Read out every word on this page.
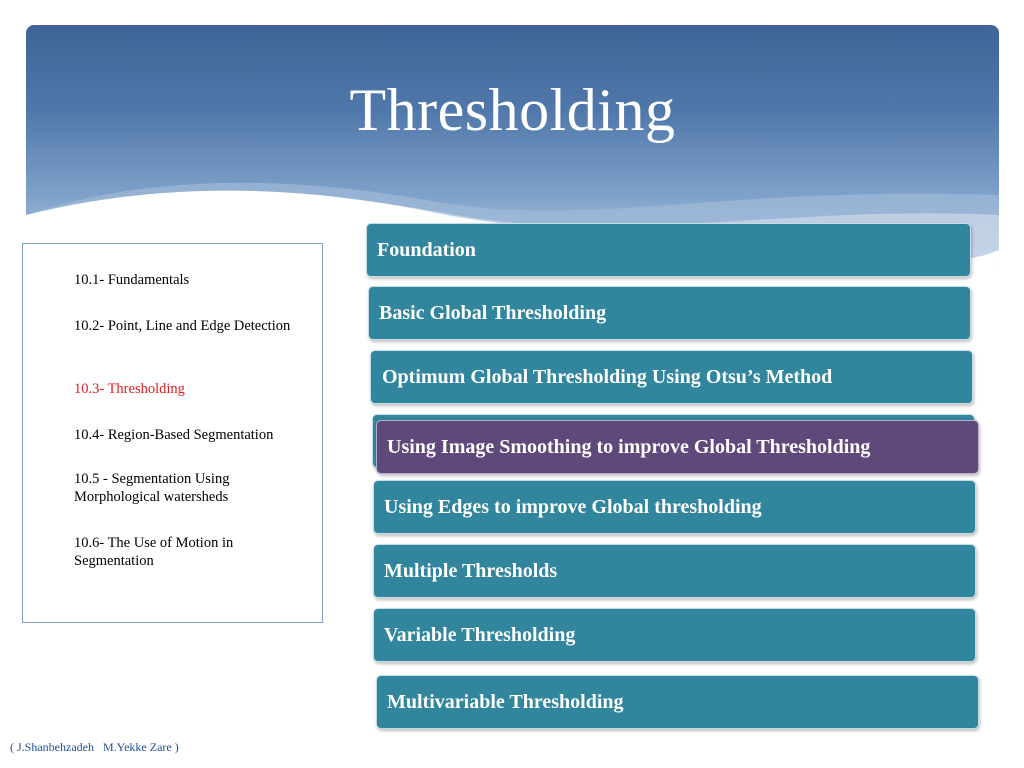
Thresholding
10.1- Fundamentals
10.2- Point, Line and Edge Detection
10.3- Thresholding
10.4- Region-Based Segmentation
10.5 - Segmentation Using Morphological watersheds
10.6- The Use of Motion in Segmentation
Foundation
Basic Global Thresholding
Optimum Global Thresholding Using Otsu’s Method
Using Image Smoothing to improve Global Thresholding
Using Edges to improve Global thresholding
Multiple Thresholds
Variable Thresholding
Multivariable Thresholding
( J.Shanbehzadeh   M.Yekke Zare )
